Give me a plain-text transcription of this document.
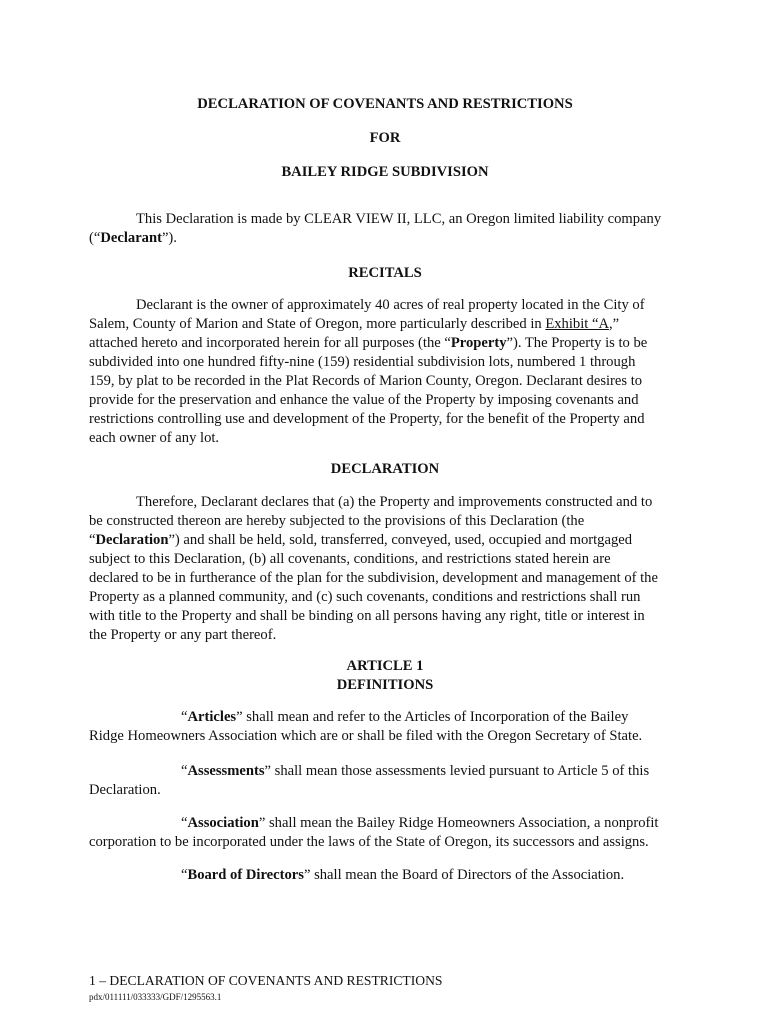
DECLARATION OF COVENANTS AND RESTRICTIONS
FOR
BAILEY RIDGE SUBDIVISION
This Declaration is made by CLEAR VIEW II, LLC, an Oregon limited liability company
(“Declarant”).
RECITALS
Declarant is the owner of approximately 40 acres of real property located in the City of
Salem, County of Marion and State of Oregon, more particularly described in Exhibit “A,”
attached hereto and incorporated herein for all purposes (the “Property”). The Property is to be
subdivided into one hundred fifty-nine (159) residential subdivision lots, numbered 1 through
159, by plat to be recorded in the Plat Records of Marion County, Oregon. Declarant desires to
provide for the preservation and enhance the value of the Property by imposing covenants and
restrictions controlling use and development of the Property, for the benefit of the Property and
each owner of any lot.
DECLARATION
Therefore, Declarant declares that (a) the Property and improvements constructed and to
be constructed thereon are hereby subjected to the provisions of this Declaration (the
“Declaration”) and shall be held, sold, transferred, conveyed, used, occupied and mortgaged
subject to this Declaration, (b) all covenants, conditions, and restrictions stated herein are
declared to be in furtherance of the plan for the subdivision, development and management of the
Property as a planned community, and (c) such covenants, conditions and restrictions shall run
with title to the Property and shall be binding on all persons having any right, title or interest in
the Property or any part thereof.
ARTICLE 1
DEFINITIONS
“Articles” shall mean and refer to the Articles of Incorporation of the Bailey
Ridge Homeowners Association which are or shall be filed with the Oregon Secretary of State.
“Assessments” shall mean those assessments levied pursuant to Article 5 of this
Declaration.
“Association” shall mean the Bailey Ridge Homeowners Association, a nonprofit
corporation to be incorporated under the laws of the State of Oregon, its successors and assigns.
“Board of Directors” shall mean the Board of Directors of the Association.
1 – DECLARATION OF COVENANTS AND RESTRICTIONS
pdx/011111/033333/GDF/1295563.1
